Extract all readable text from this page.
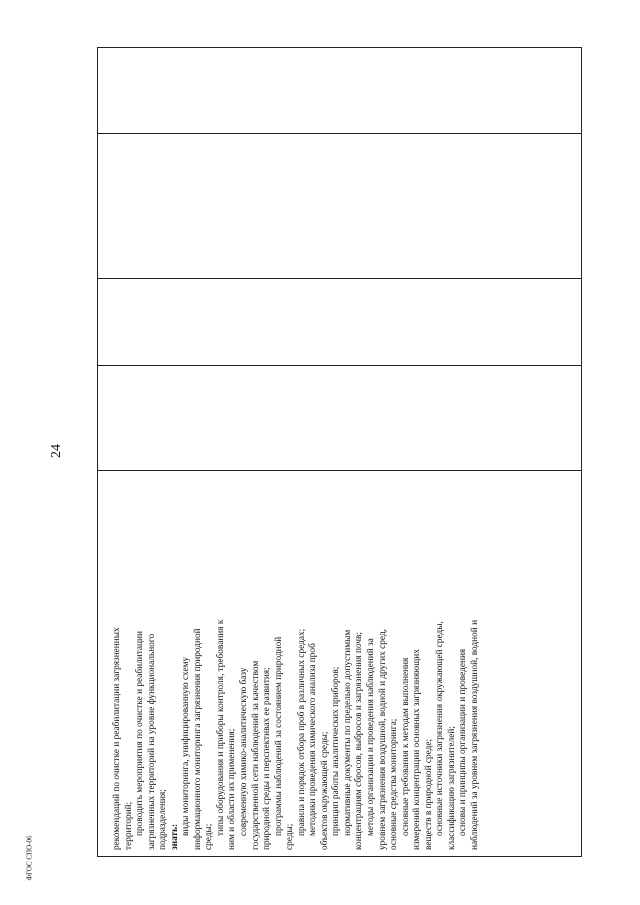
24
рекомендаций по очистке и реабилитации загрязненных территорий; проводить мероприятия по очистке и реабилитации загрязненных территорий на уровне функционального подразделения; знать:
виды мониторинга, унифицированную схему информационного мониторинга загрязнения природной среды;
типы оборудования и приборы контроля, требования к ним и области их применения; современную химико-аналитическую базу государственной сети наблюдений за качеством природной среды и перспективах ее развития; программы наблюдений за состоянием природной
среды;
правила и порядок отбора проб в различных средах; методики проведения химического анализа проб объектов окружающей среды; принцип работы аналитических приборов; нормативные документы по предельно допустимым концентрациям сбросов, выбросов и загрязнения почв; методы организации и проведения наблюдений за уровнем загрязнения воздушной, водной и других сред, основные средства мониторинга; основные требования к методам выполнения измерений концентрации основных загрязняющих веществ в природной среде; основные источники загрязнения окружающей среды, классификацию загрязнителей; основы и принципы организации и проведения наблюдений за уровнем загрязнения воздушной, водной и
ФГОС СПО-06
